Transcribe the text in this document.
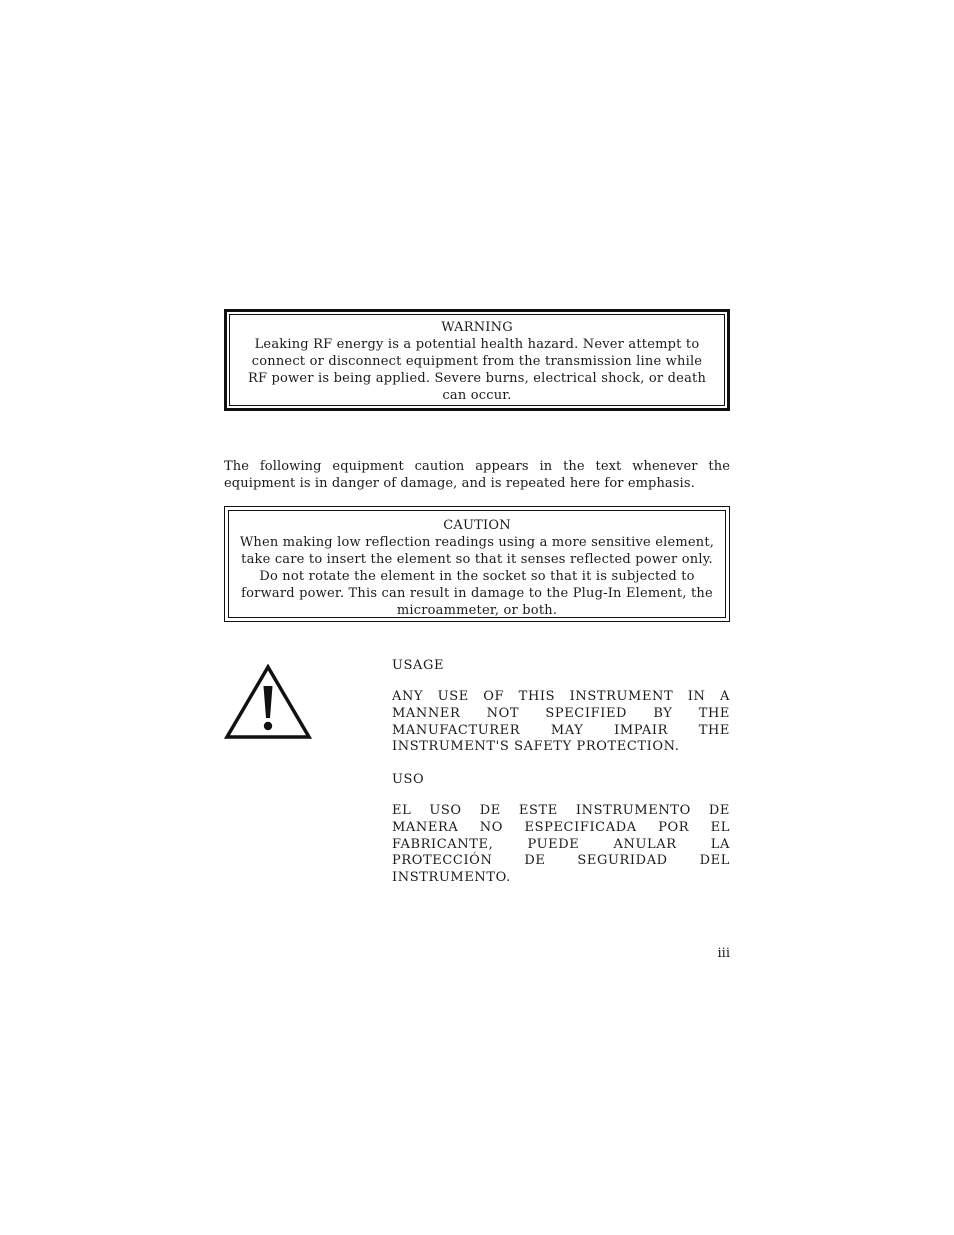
WARNING
Leaking RF energy is a potential health hazard. Never attempt to connect or disconnect equipment from the transmission line while RF power is being applied. Severe burns, electrical shock, or death can occur.
The following equipment caution appears in the text whenever the equipment is in danger of damage, and is repeated here for emphasis.
CAUTION
When making low reflection readings using a more sensitive element, take care to insert the element so that it senses reflected power only. Do not rotate the element in the socket so that it is subjected to forward power. This can result in damage to the Plug-In Element, the microammeter, or both.

USAGE

ANY USE OF THIS INSTRUMENT IN A MANNER NOT SPECIFIED BY THE MANUFACTURER MAY IMPAIR THE INSTRUMENT'S SAFETY PROTECTION.

USO

EL USO DE ESTE INSTRUMENTO DE MANERA NO ESPECIFICADA POR EL FABRICANTE, PUEDE ANULAR LA PROTECCIÓN DE SEGURIDAD DEL INSTRUMENTO.

iii
